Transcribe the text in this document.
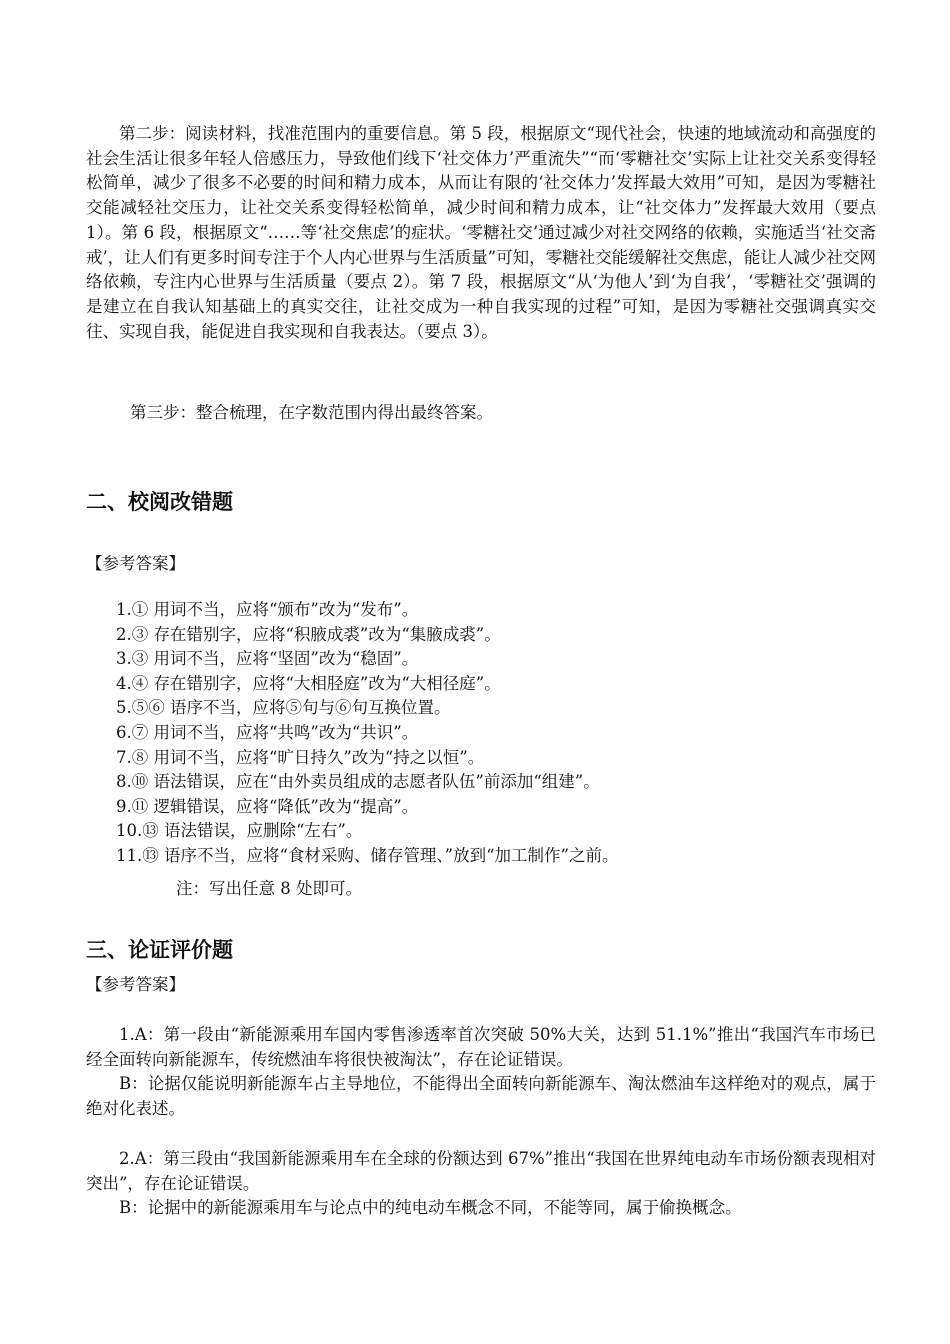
第二步：阅读材料，找准范围内的重要信息。第 5 段，根据原文“现代社会，快速的地域流动和高强度的社会生活让很多年轻人倍感压力，导致他们线下‘社交体力’严重流失”“而‘零糖社交’实际上让社交关系变得轻松简单，减少了很多不必要的时间和精力成本，从而让有限的‘社交体力’发挥最大效用”可知，是因为零糖社交能减轻社交压力，让社交关系变得轻松简单，减少时间和精力成本，让“社交体力”发挥最大效用（要点 1）。第 6 段，根据原文“……等‘社交焦虑’的症状。‘零糖社交’通过减少对社交网络的依赖，实施适当‘社交斋戒’，让人们有更多时间专注于个人内心世界与生活质量”可知，零糖社交能缓解社交焦虑，能让人减少社交网络依赖，专注内心世界与生活质量（要点 2）。第 7 段，根据原文“从‘为他人’到‘为自我’，‘零糖社交’强调的是建立在自我认知基础上的真实交往，让社交成为一种自我实现的过程”可知，是因为零糖社交强调真实交往、实现自我，能促进自我实现和自我表达。（要点 3）。

第三步：整合梳理，在字数范围内得出最终答案。

二、校阅改错题

【参考答案】

1.① 用词不当，应将“颁布”改为“发布”。
2.③ 存在错别字，应将“积腋成裘”改为“集腋成裘”。
3.③ 用词不当，应将“坚固”改为“稳固”。
4.④ 存在错别字，应将“大相胫庭”改为“大相径庭”。
5.⑤⑥ 语序不当，应将⑤句与⑥句互换位置。
6.⑦ 用词不当，应将“共鸣”改为“共识”。
7.⑧ 用词不当，应将“旷日持久”改为“持之以恒”。
8.⑩ 语法错误，应在“由外卖员组成的志愿者队伍”前添加“组建”。
9.⑪ 逻辑错误，应将“降低”改为“提高”。
10.⑬ 语法错误，应删除“左右”。
11.⑬ 语序不当，应将“食材采购、储存管理、”放到“加工制作”之前。

注：写出任意 8 处即可。

三、论证评价题

【参考答案】

1.A：第一段由“新能源乘用车国内零售渗透率首次突破 50%大关，达到 51.1%”推出“我国汽车市场已经全面转向新能源车，传统燃油车将很快被淘汰”，存在论证错误。

B：论据仅能说明新能源车占主导地位，不能得出全面转向新能源车、淘汰燃油车这样绝对的观点，属于绝对化表述。

2.A：第三段由“我国新能源乘用车在全球的份额达到 67%”推出“我国在世界纯电动车市场份额表现相对突出”，存在论证错误。

B：论据中的新能源乘用车与论点中的纯电动车概念不同，不能等同，属于偷换概念。
